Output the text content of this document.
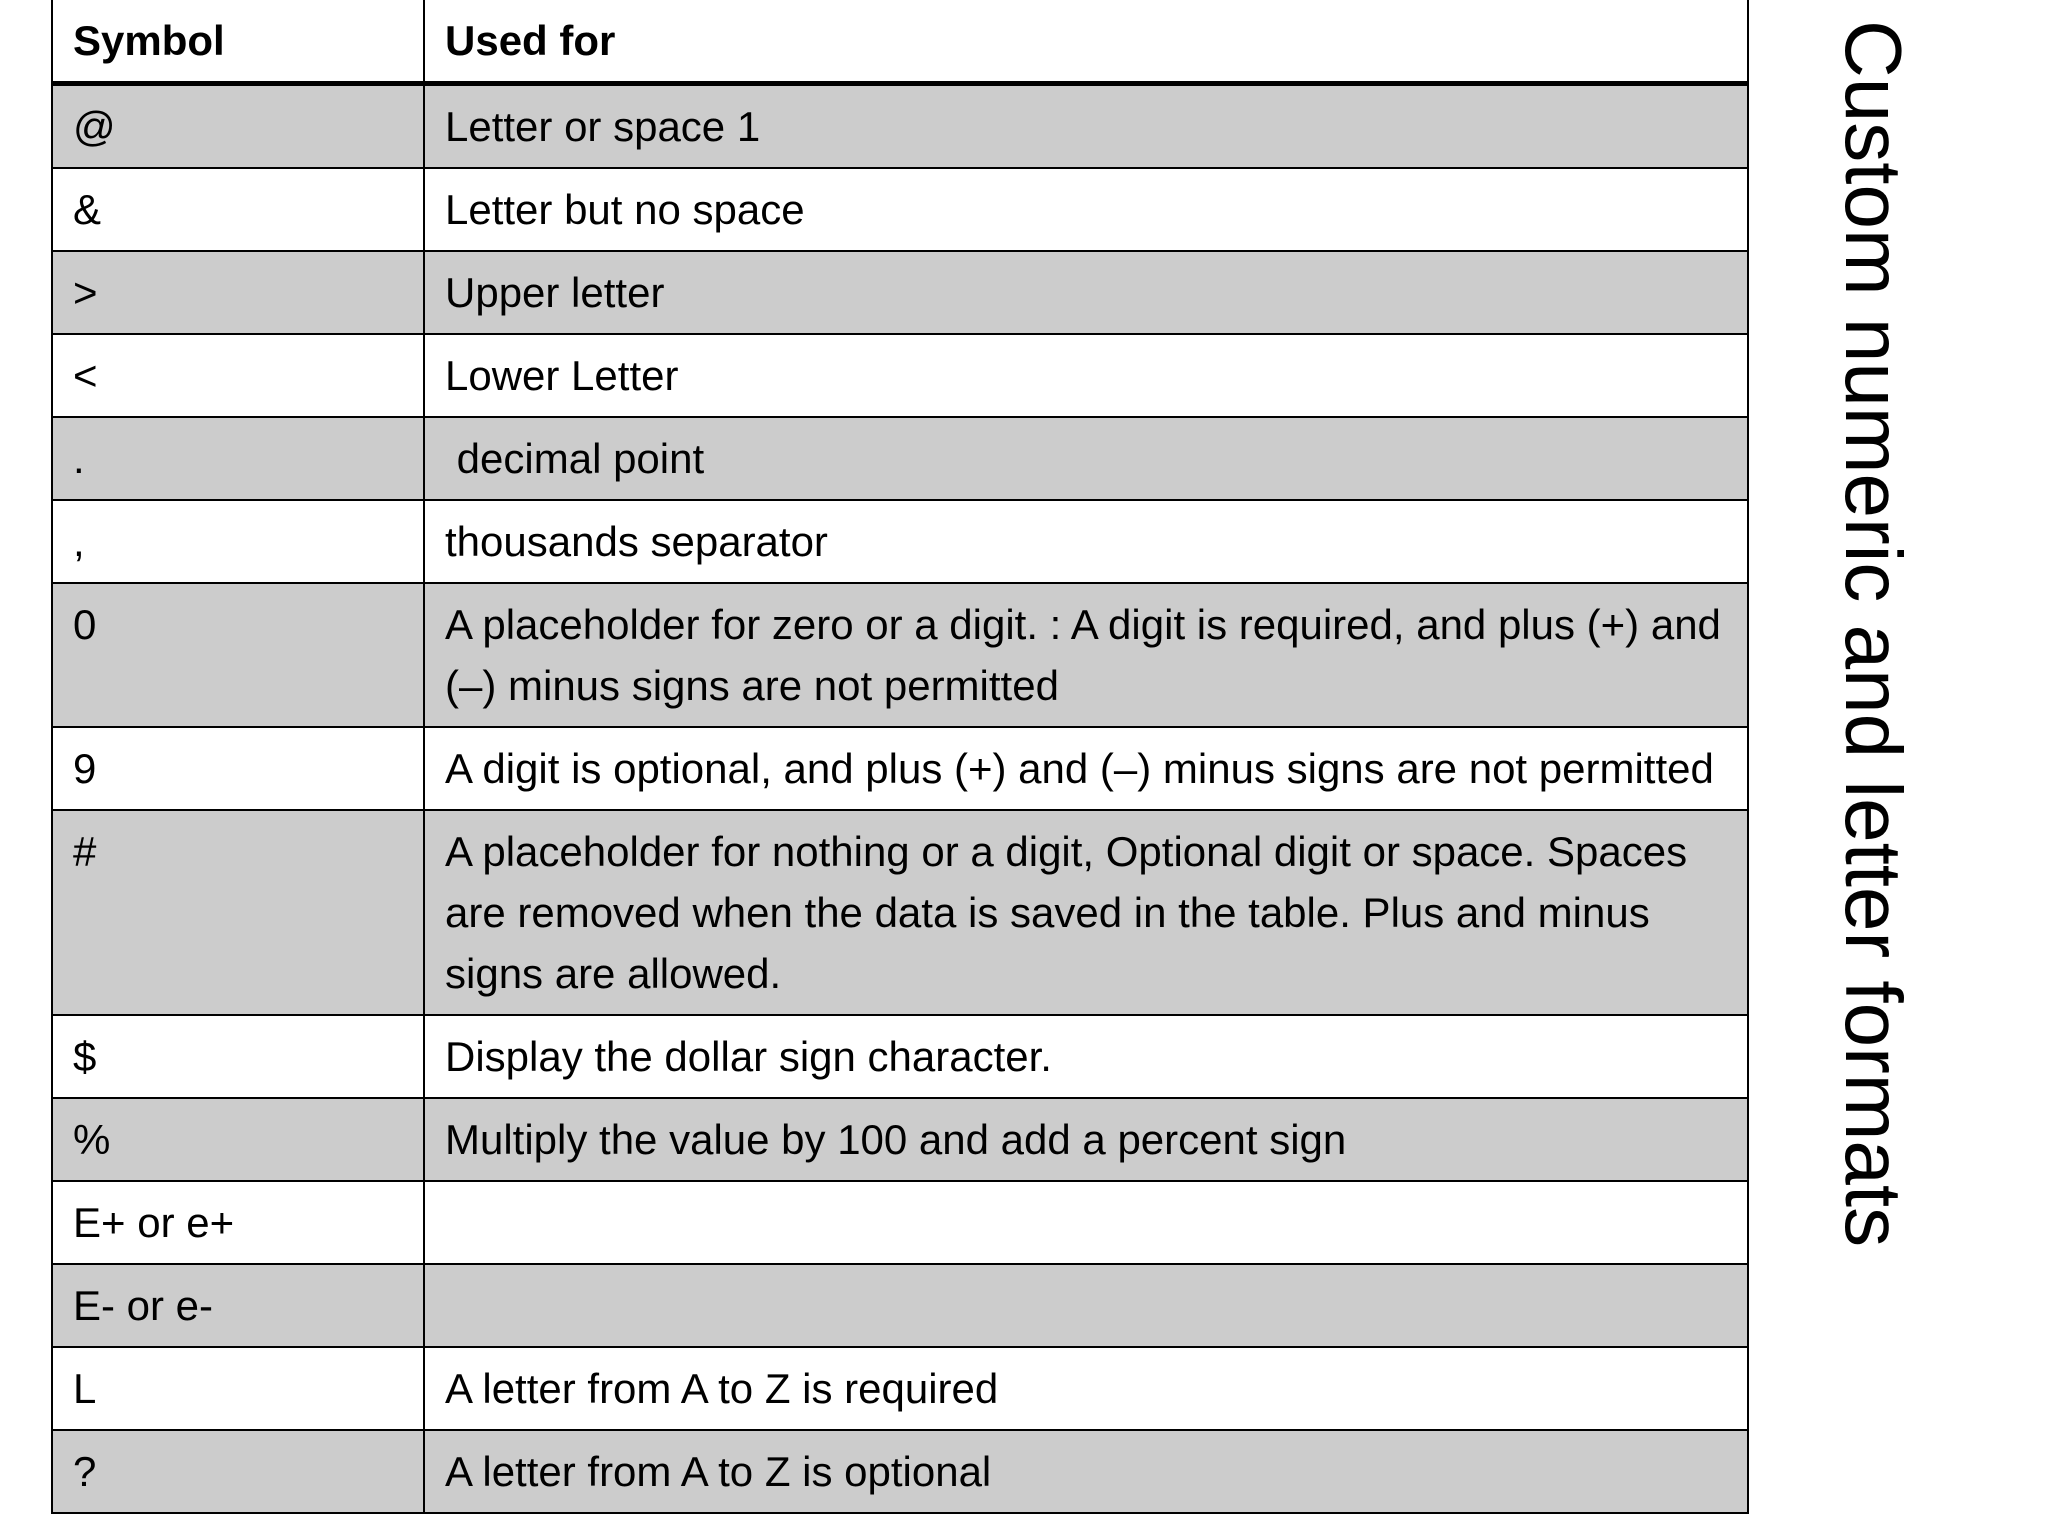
Symbol	Used for
@	Letter or space 1
&	Letter but no space
>	Upper letter
<	Lower Letter
.	decimal point
,	thousands separator
0	A placeholder for zero or a digit. : A digit is required, and plus (+) and (–) minus signs are not permitted
9	A digit is optional, and plus (+) and (–) minus signs are not permitted
#	A placeholder for nothing or a digit, Optional digit or space. Spaces are removed when the data is saved in the table. Plus and minus signs are allowed.
$	Display the dollar sign character.
%	Multiply the value by 100 and add a percent sign
E+ or e+	
E- or e-	
L	A letter from A to Z is required
?	A letter from A to Z is optional
Custom numeric and letter formats
